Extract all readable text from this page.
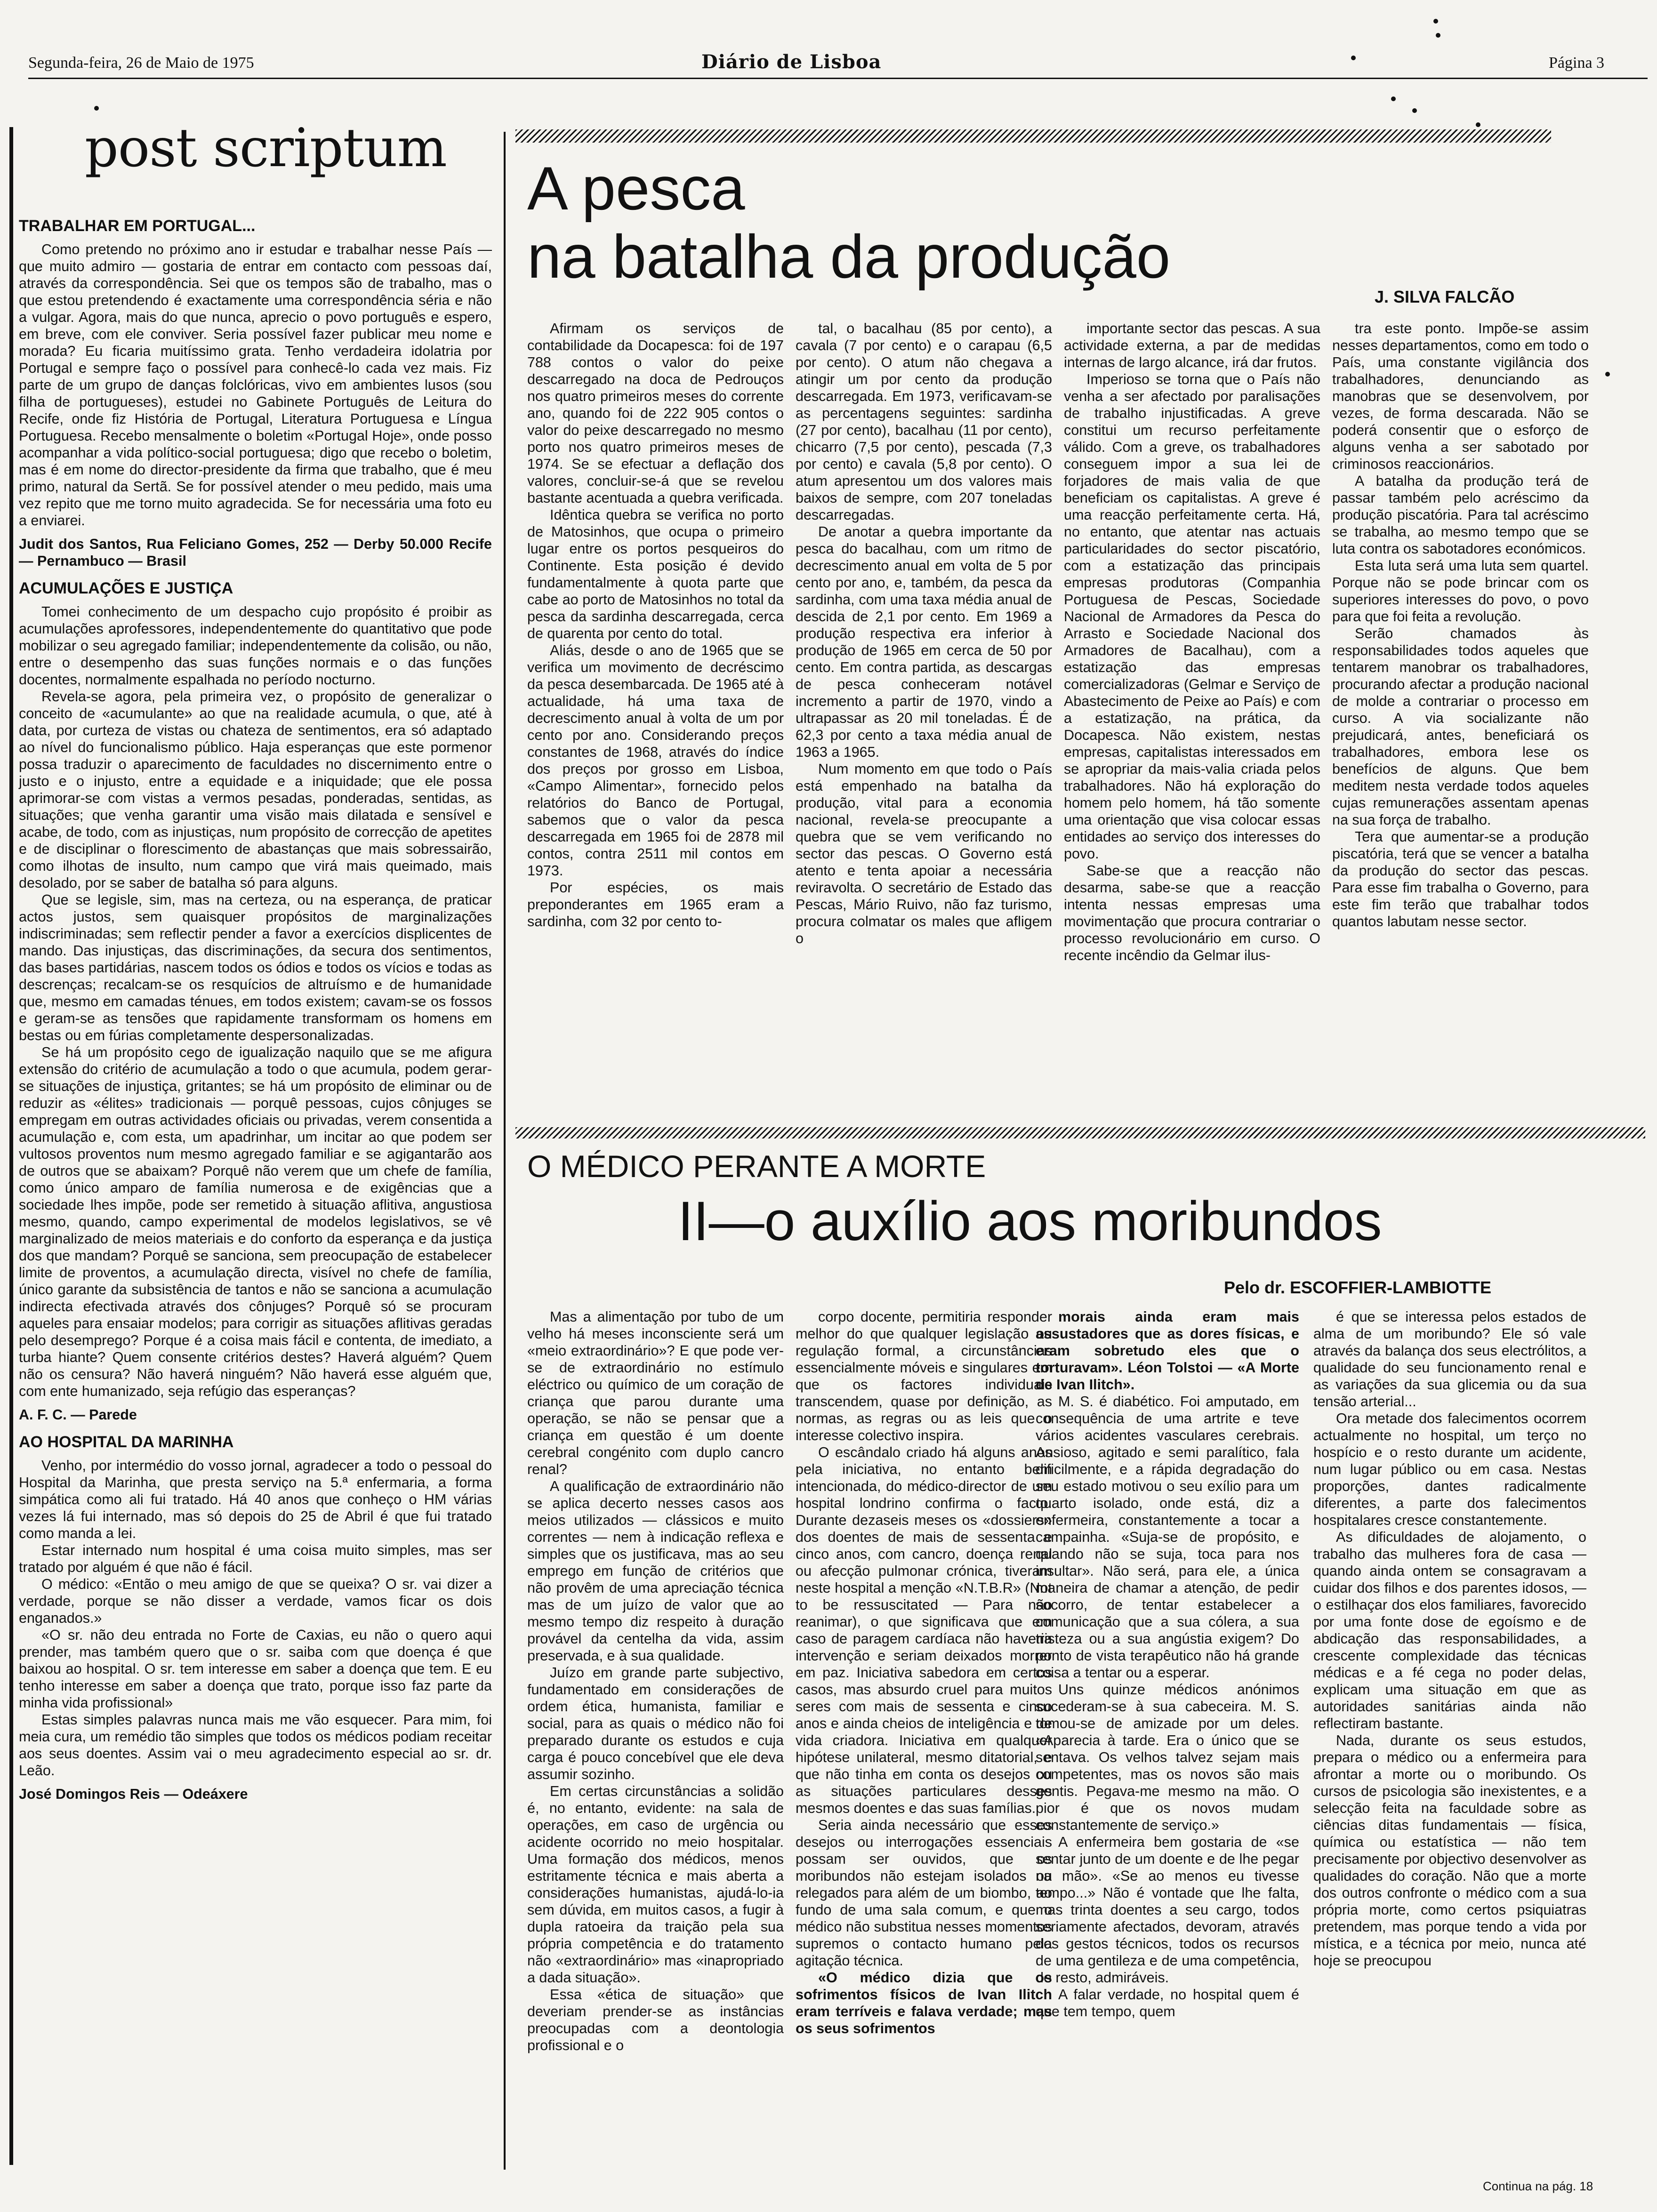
Segunda-feira, 26 de Maio de 1975	Diário de Lisboa	Página 3
post scriptum
TRABALHAR EM PORTUGAL...

Como pretendo no próximo ano ir estudar e trabalhar nesse País — que muito admiro — gostaria de entrar em contacto com pessoas daí, através da correspondência. Sei que os tempos são de trabalho, mas o que estou pretendendo é exactamente uma correspondência séria e não a vulgar. Agora, mais do que nunca, aprecio o povo português e espero, em breve, com ele conviver. Seria possível fazer publicar meu nome e morada? Eu ficaria muitíssimo grata. Tenho verdadeira idolatria por Portugal e sempre faço o possível para conhecê-lo cada vez mais. Fiz parte de um grupo de danças folclóricas, vivo em ambientes lusos (sou filha de portugueses), estudei no Gabinete Português de Leitura do Recife, onde fiz História de Portugal, Literatura Portuguesa e Língua Portuguesa. Recebo mensalmente o boletim «Portugal Hoje», onde posso acompanhar a vida político-social portuguesa; digo que recebo o boletim, mas é em nome do director-presidente da firma que trabalho, que é meu primo, natural da Sertã. Se for possível atender o meu pedido, mais uma vez repito que me torno muito agradecida. Se for necessária uma foto eu a enviarei.

Judit dos Santos, Rua Feliciano Gomes, 252 — Derby 50.000 Recife — Pernambuco — Brasil

ACUMULAÇÕES E JUSTIÇA

Tomei conhecimento de um despacho cujo propósito é proibir as acumulações aprofessores, independentemente do quantitativo que pode mobilizar o seu agregado familiar; independentemente da colisão, ou não, entre o desempenho das suas funções normais e o das funções docentes, normalmente espalhada no período nocturno.

Revela-se agora, pela primeira vez, o propósito de generalizar o conceito de «acumulante» ao que na realidade acumula, o que, até à data, por curteza de vistas ou chateza de sentimentos, era só adaptado ao nível do funcionalismo público. Haja esperanças que este pormenor possa traduzir o aparecimento de faculdades no discernimento entre o justo e o injusto, entre a equidade e a iniquidade; que ele possa aprimorar-se com vistas a vermos pesadas, ponderadas, sentidas, as situações; que venha garantir uma visão mais dilatada e sensível e acabe, de todo, com as injustiças, num propósito de correcção de apetites e de disciplinar o florescimento de abastanças que mais sobressairão, como ilhotas de insulto, num campo que virá mais queimado, mais desolado, por se saber de batalha só para alguns.

Que se legisle, sim, mas na certeza, ou na esperança, de praticar actos justos, sem quaisquer propósitos de marginalizações indiscriminadas; sem reflectir pender a favor a exercícios displicentes de mando. Das injustiças, das discriminações, da secura dos sentimentos, das bases partidárias, nascem todos os ódios e todos os vícios e todas as descrenças; recalcam-se os resquícios de altruísmo e de humanidade que, mesmo em camadas ténues, em todos existem; cavam-se os fossos e geram-se as tensões que rapidamente transformam os homens em bestas ou em fúrias completamente despersonalizadas.

Se há um propósito cego de igualização naquilo que se me afigura extensão do critério de acumulação a todo o que acumula, podem gerar-se situações de injustiça, gritantes; se há um propósito de eliminar ou de reduzir as «élites» tradicionais — porquê pessoas, cujos cônjuges se empregam em outras actividades oficiais ou privadas, verem consentida a acumulação e, com esta, um apadrinhar, um incitar ao que podem ser vultosos proventos num mesmo agregado familiar e se agigantarão aos de outros que se abaixam? Porquê não verem que um chefe de família, como único amparo de família numerosa e de exigências que a sociedade lhes impõe, pode ser remetido à situação aflitiva, angustiosa mesmo, quando, campo experimental de modelos legislativos, se vê marginalizado de meios materiais e do conforto da esperança e da justiça dos que mandam? Porquê se sanciona, sem preocupação de estabelecer limite de proventos, a acumulação directa, visível no chefe de família, único garante da subsistência de tantos e não se sanciona a acumulação indirecta efectivada através dos cônjuges? Porquê só se procuram aqueles para ensaiar modelos; para corrigir as situações aflitivas geradas pelo desemprego? Porque é a coisa mais fácil e contenta, de imediato, a turba hiante? Quem consente critérios destes? Haverá alguém? Quem não os censura? Não haverá ninguém? Não haverá esse alguém que, com ente humanizado, seja refúgio das esperanças?

A. F. C. — Parede

AO HOSPITAL DA MARINHA

Venho, por intermédio do vosso jornal, agradecer a todo o pessoal do Hospital da Marinha, que presta serviço na 5.ª enfermaria, a forma simpática como ali fui tratado. Há 40 anos que conheço o HM várias vezes lá fui internado, mas só depois do 25 de Abril é que fui tratado como manda a lei.

Estar internado num hospital é uma coisa muito simples, mas ser tratado por alguém é que não é fácil.

O médico: «Então o meu amigo de que se queixa? O sr. vai dizer a verdade, porque se não disser a verdade, vamos ficar os dois enganados.»

«O sr. não deu entrada no Forte de Caxias, eu não o quero aqui prender, mas também quero que o sr. saiba com que doença é que baixou ao hospital. O sr. tem interesse em saber a doença que tem. E eu tenho interesse em saber a doença que trato, porque isso faz parte da minha vida profissional»

Estas simples palavras nunca mais me vão esquecer. Para mim, foi meia cura, um remédio tão simples que todos os médicos podiam receitar aos seus doentes. Assim vai o meu agradecimento especial ao sr. dr. Leão.

José Domingos Reis — Odeáxere

A pesca
na batalha da produção
J. SILVA FALCÃO

Afirmam os serviços de contabilidade da Docapesca: foi de 197 788 contos o valor do peixe descarregado na doca de Pedrouços nos quatro primeiros meses do corrente ano, quando foi de 222 905 contos o valor do peixe descarregado no mesmo porto nos quatro primeiros meses de 1974. Se se efectuar a deflação dos valores, concluir-se-á que se revelou bastante acentuada a quebra verificada.

Idêntica quebra se verifica no porto de Matosinhos, que ocupa o primeiro lugar entre os portos pesqueiros do Continente. Esta posição é devido fundamentalmente à quota parte que cabe ao porto de Matosinhos no total da pesca da sardinha descarregada, cerca de quarenta por cento do total.

Aliás, desde o ano de 1965 que se verifica um movimento de decréscimo da pesca desembarcada. De 1965 até à actualidade, há uma taxa de decrescimento anual à volta de um por cento por ano. Considerando preços constantes de 1968, através do índice dos preços por grosso em Lisboa, «Campo Alimentar», fornecido pelos relatórios do Banco de Portugal, sabemos que o valor da pesca descarregada em 1965 foi de 2878 mil contos, contra 2511 mil contos em 1973.

Por espécies, os mais preponderantes em 1965 eram a sardinha, com 32 por cento to-

tal, o bacalhau (85 por cento), a cavala (7 por cento) e o carapau (6,5 por cento). O atum não chegava a atingir um por cento da produção descarregada. Em 1973, verificavam-se as percentagens seguintes: sardinha (27 por cento), bacalhau (11 por cento), chicarro (7,5 por cento), pescada (7,3 por cento) e cavala (5,8 por cento). O atum apresentou um dos valores mais baixos de sempre, com 207 toneladas descarregadas.

De anotar a quebra importante da pesca do bacalhau, com um ritmo de decrescimento anual em volta de 5 por cento por ano, e, também, da pesca da sardinha, com uma taxa média anual de descida de 2,1 por cento. Em 1969 a produção respectiva era inferior à produção de 1965 em cerca de 50 por cento. Em contra partida, as descargas de pesca conheceram notável incremento a partir de 1970, vindo a ultrapassar as 20 mil toneladas. É de 62,3 por cento a taxa média anual de 1963 a 1965.

Num momento em que todo o País está empenhado na batalha da produção, vital para a economia nacional, revela-se preocupante a quebra que se vem verificando no sector das pescas. O Governo está atento e tenta apoiar a necessária reviravolta. O secretário de Estado das Pescas, Mário Ruivo, não faz turismo, procura colmatar os males que afligem o

importante sector das pescas. A sua actividade externa, a par de medidas internas de largo alcance, irá dar frutos.

Imperioso se torna que o País não venha a ser afectado por paralisações de trabalho injustificadas. A greve constitui um recurso perfeitamente válido. Com a greve, os trabalhadores conseguem impor a sua lei de forjadores de mais valia de que beneficiam os capitalistas. A greve é uma reacção perfeitamente certa. Há, no entanto, que atentar nas actuais particularidades do sector piscatório, com a estatização das principais empresas produtoras (Companhia Portuguesa de Pescas, Sociedade Nacional de Armadores da Pesca do Arrasto e Sociedade Nacional dos Armadores de Bacalhau), com a estatização das empresas comercializadoras (Gelmar e Serviço de Abastecimento de Peixe ao País) e com a estatização, na prática, da Docapesca. Não existem, nestas empresas, capitalistas interessados em se apropriar da mais-valia criada pelos trabalhadores. Não há exploração do homem pelo homem, há tão somente uma orientação que visa colocar essas entidades ao serviço dos interesses do povo.

Sabe-se que a reacção não desarma, sabe-se que a reacção intenta nessas empresas uma movimentação que procura contrariar o processo revolucionário em curso. O recente incêndio da Gelmar ilus-

tra este ponto. Impõe-se assim nesses departamentos, como em todo o País, uma constante vigilância dos trabalhadores, denunciando as manobras que se desenvolvem, por vezes, de forma descarada. Não se poderá consentir que o esforço de alguns venha a ser sabotado por criminosos reaccionários.

A batalha da produção terá de passar também pelo acréscimo da produção piscatória. Para tal acréscimo se trabalha, ao mesmo tempo que se luta contra os sabotadores económicos.

Esta luta será uma luta sem quartel. Porque não se pode brincar com os superiores interesses do povo, o povo para que foi feita a revolução.

Serão chamados às responsabilidades todos aqueles que tentarem manobrar os trabalhadores, procurando afectar a produção nacional de molde a contrariar o processo em curso. A via socializante não prejudicará, antes, beneficiará os trabalhadores, embora lese os benefícios de alguns. Que bem meditem nesta verdade todos aqueles cujas remunerações assentam apenas na sua força de trabalho.

Tera que aumentar-se a produção piscatória, terá que se vencer a batalha da produção do sector das pescas. Para esse fim trabalha o Governo, para este fim terão que trabalhar todos quantos labutam nesse sector.

O MÉDICO PERANTE A MORTE
II—o auxílio aos moribundos
Pelo dr. ESCOFFIER-LAMBIOTTE

Mas a alimentação por tubo de um velho há meses inconsciente será um «meio extraordinário»? E que pode ver-se de extraordinário no estímulo eléctrico ou químico de um coração de criança que parou durante uma operação, se não se pensar que a criança em questão é um doente cerebral congénito com duplo cancro renal?

A qualificação de extraordinário não se aplica decerto nesses casos aos meios utilizados — clássicos e muito correntes — nem à indicação reflexa e simples que os justificava, mas ao seu emprego em função de critérios que não provêm de uma apreciação técnica mas de um juízo de valor que ao mesmo tempo diz respeito à duração provável da centelha da vida, assim preservada, e à sua qualidade.

Juízo em grande parte subjectivo, fundamentado em considerações de ordem ética, humanista, familiar e social, para as quais o médico não foi preparado durante os estudos e cuja carga é pouco concebível que ele deva assumir sozinho.

Em certas circunstâncias a solidão é, no entanto, evidente: na sala de operações, em caso de urgência ou acidente ocorrido no meio hospitalar. Uma formação dos médicos, menos estritamente técnica e mais aberta a considerações humanistas, ajudá-lo-ia sem dúvida, em muitos casos, a fugir à dupla ratoeira da traição pela sua própria competência e do tratamento não «extraordinário» mas «inapropriado a dada situação».

Essa «ética de situação» que deveriam prender-se as instâncias preocupadas com a deontologia profissional e o

corpo docente, permitiria responder melhor do que qualquer legislação ou regulação formal, a circunstâncias essencialmente móveis e singulares em que os factores individuais transcendem, quase por definição, as normas, as regras ou as leis que o interesse colectivo inspira.

O escândalo criado há alguns anos pela iniciativa, no entanto bem intencionada, do médico-director de um hospital londrino confirma o facto. Durante dezaseis meses os «dossiers» dos doentes de mais de sessenta e cinco anos, com cancro, doença renal ou afecção pulmonar crónica, tiveram neste hospital a menção «N.T.B.R» (Not to be ressuscitated — Para não reanimar), o que significava que em caso de paragem cardíaca não haveria intervenção e seriam deixados morrer em paz. Iniciativa sabedora em certos casos, mas absurdo cruel para muitos seres com mais de sessenta e cinco anos e ainda cheios de inteligência e de vida criadora. Iniciativa em qualquer hipótese unilateral, mesmo ditatorial, e que não tinha em conta os desejos ou as situações particulares desses mesmos doentes e das suas famílias.

Seria ainda necessário que esses desejos ou interrogações essenciais possam ser ouvidos, que os moribundos não estejam isolados ou relegados para além de um biombo, ao fundo de uma sala comum, e que o médico não substitua nesses momentos supremos o contacto humano pela agitação técnica.

«O médico dizia que os sofrimentos físicos de Ivan Ilitch eram terríveis e falava verdade; mas os seus sofrimentos

morais ainda eram mais assustadores que as dores físicas, e eram sobretudo eles que o torturavam». Léon Tolstoi — «A Morte de Ivan Ilitch».

M. S. é diabético. Foi amputado, em consequência de uma artrite e teve vários acidentes vasculares cerebrais. Ansioso, agitado e semi paralítico, fala dificilmente, e a rápida degradação do seu estado motivou o seu exílio para um quarto isolado, onde está, diz a enfermeira, constantemente a tocar a campainha. «Suja-se de propósito, e quando não se suja, toca para nos insultar». Não será, para ele, a única maneira de chamar a atenção, de pedir socorro, de tentar estabelecer a comunicação que a sua cólera, a sua tristeza ou a sua angústia exigem? Do ponto de vista terapêutico não há grande coisa a tentar ou a esperar.

Uns quinze médicos anónimos sucederam-se à sua cabeceira. M. S. tomou-se de amizade por um deles. «Aparecia à tarde. Era o único que se sentava. Os velhos talvez sejam mais competentes, mas os novos são mais gentis. Pegava-me mesmo na mão. O pior é que os novos mudam constantemente de serviço.»

A enfermeira bem gostaria de «se sentar junto de um doente e de lhe pegar na mão». «Se ao menos eu tivesse tempo...» Não é vontade que lhe falta, mas trinta doentes a seu cargo, todos seriamente afectados, devoram, através dos gestos técnicos, todos os recursos de uma gentileza e de uma competência, de resto, admiráveis.

A falar verdade, no hospital quem é que tem tempo, quem

é que se interessa pelos estados de alma de um moribundo? Ele só vale através da balança dos seus electrólitos, a qualidade do seu funcionamento renal e as variações da sua glicemia ou da sua tensão arterial...

Ora metade dos falecimentos ocorrem actualmente no hospital, um terço no hospício e o resto durante um acidente, num lugar público ou em casa. Nestas proporções, dantes radicalmente diferentes, a parte dos falecimentos hospitalares cresce constantemente.

As dificuldades de alojamento, o trabalho das mulheres fora de casa — quando ainda ontem se consagravam a cuidar dos filhos e dos parentes idosos, — o estilhaçar dos elos familiares, favorecido por uma fonte dose de egoísmo e de abdicação das responsabilidades, a crescente complexidade das técnicas médicas e a fé cega no poder delas, explicam uma situação em que as autoridades sanitárias ainda não reflectiram bastante.

Nada, durante os seus estudos, prepara o médico ou a enfermeira para afrontar a morte ou o moribundo. Os cursos de psicologia são inexistentes, e a selecção feita na faculdade sobre as ciências ditas fundamentais — física, química ou estatística — não tem precisamente por objectivo desenvolver as qualidades do coração. Não que a morte dos outros confronte o médico com a sua própria morte, como certos psiquiatras pretendem, mas porque tendo a vida por mística, e a técnica por meio, nunca até hoje se preocupou

Continua na pág. 18
